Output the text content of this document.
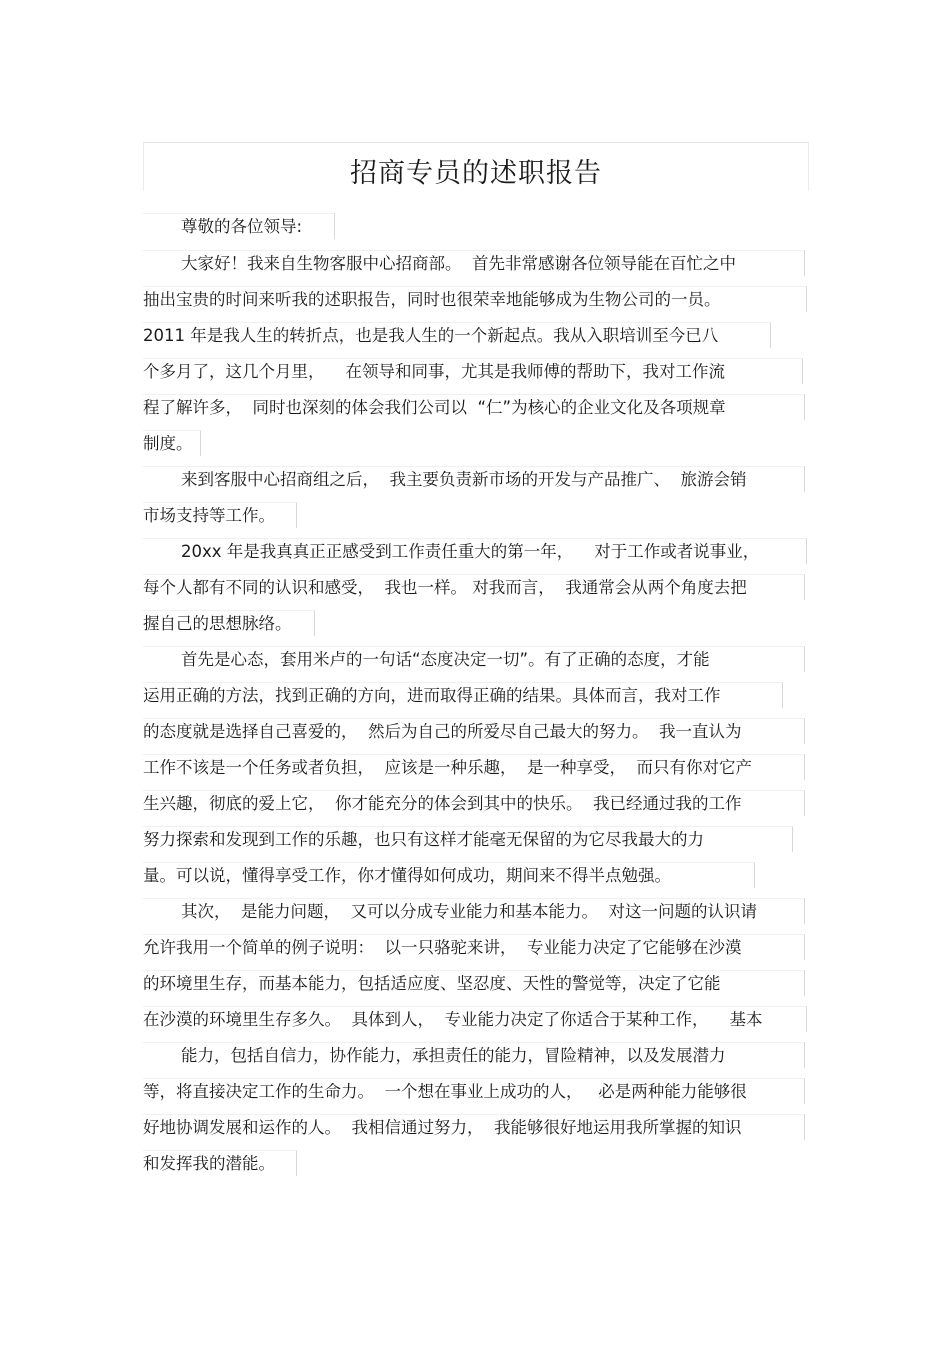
招商专员的述职报告
尊敬的各位领导:
大家好！我来自生物客服中心招商部。  首先非常感谢各位领导能在百忙之中
抽出宝贵的时间来听我的述职报告，同时也很荣幸地能够成为生物公司的一员。
2011 年是我人生的转折点，也是我人生的一个新起点。我从入职培训至今已八
个多月了，这几个月里，    在领导和同事，尤其是我师傅的帮助下，我对工作流
程了解许多，  同时也深刻的体会我们公司以  “仁”为核心的企业文化及各项规章
制度。
来到客服中心招商组之后，  我主要负责新市场的开发与产品推广、  旅游会销
市场支持等工作。
20xx 年是我真真正正感受到工作责任重大的第一年，    对于工作或者说事业，
每个人都有不同的认识和感受，  我也一样。 对我而言，  我通常会从两个角度去把
握自己的思想脉络。
首先是心态，套用米卢的一句话“态度决定一切”。有了正确的态度，才能
运用正确的方法，找到正确的方向，进而取得正确的结果。具体而言，我对工作
的态度就是选择自己喜爱的，  然后为自己的所爱尽自己最大的努力。  我一直认为
工作不该是一个任务或者负担，  应该是一种乐趣，  是一种享受，  而只有你对它产
生兴趣，彻底的爱上它，  你才能充分的体会到其中的快乐。  我已经通过我的工作
努力探索和发现到工作的乐趣，也只有这样才能毫无保留的为它尽我最大的力
量。可以说，懂得享受工作，你才懂得如何成功，期间来不得半点勉强。
其次，  是能力问题，  又可以分成专业能力和基本能力。  对这一问题的认识请
允许我用一个简单的例子说明：  以一只骆驼来讲，  专业能力决定了它能够在沙漠
的环境里生存，而基本能力，包括适应度、坚忍度、天性的警觉等，决定了它能
在沙漠的环境里生存多久。  具体到人，  专业能力决定了你适合于某种工作，    基本
能力，包括自信力，协作能力，承担责任的能力，冒险精神，以及发展潜力
等，将直接决定工作的生命力。  一个想在事业上成功的人，   必是两种能力能够很
好地协调发展和运作的人。  我相信通过努力，  我能够很好地运用我所掌握的知识
和发挥我的潜能。
